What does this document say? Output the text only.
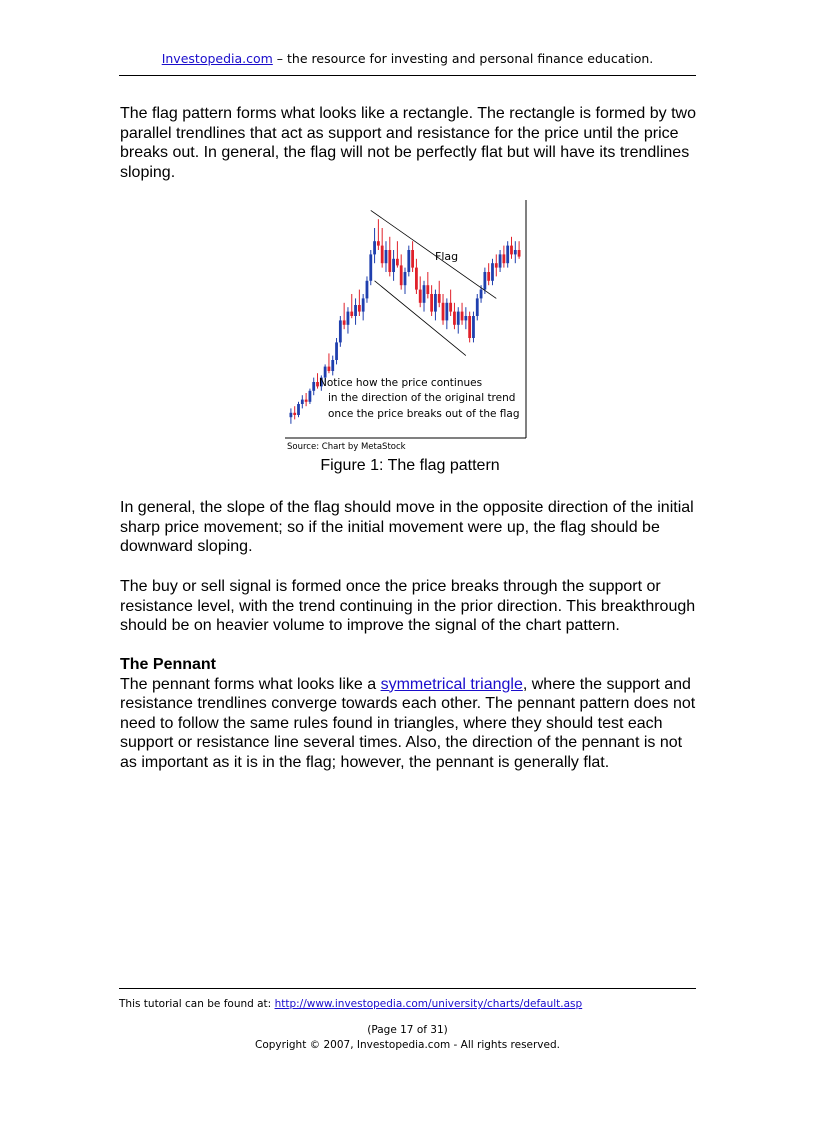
Investopedia.com – the resource for investing and personal finance education.

The flag pattern forms what looks like a rectangle. The rectangle is formed by two parallel trendlines that act as support and resistance for the price until the price breaks out. In general, the flag will not be perfectly flat but will have its trendlines sloping.

Flag
Notice how the price continues
in the direction of the original trend
once the price breaks out of the flag
Source: Chart by MetaStock
Figure 1: The flag pattern

In general, the slope of the flag should move in the opposite direction of the initial sharp price movement; so if the initial movement were up, the flag should be downward sloping.

The buy or sell signal is formed once the price breaks through the support or resistance level, with the trend continuing in the prior direction. This breakthrough should be on heavier volume to improve the signal of the chart pattern.

The Pennant

The pennant forms what looks like a symmetrical triangle, where the support and resistance trendlines converge towards each other. The pennant pattern does not need to follow the same rules found in triangles, where they should test each support or resistance line several times. Also, the direction of the pennant is not as important as it is in the flag; however, the pennant is generally flat.

This tutorial can be found at: http://www.investopedia.com/university/charts/default.asp
(Page 17 of 31)
Copyright © 2007, Investopedia.com - All rights reserved.
